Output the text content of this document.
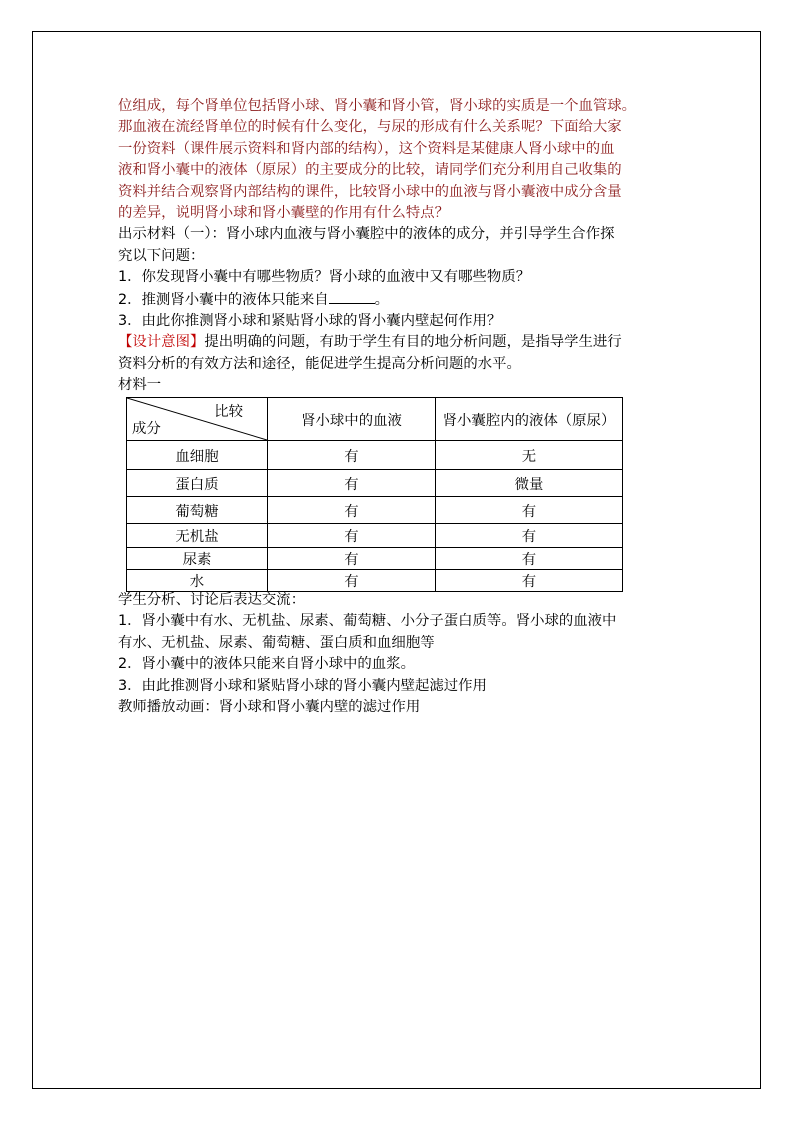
位组成，每个肾单位包括肾小球、肾小囊和肾小管，肾小球的实质是一个血管球。

那血液在流经肾单位的时候有什么变化，与尿的形成有什么关系呢？下面给大家

一份资料（课件展示资料和肾内部的结构），这个资料是某健康人肾小球中的血

液和肾小囊中的液体（原尿）的主要成分的比较，请同学们充分利用自己收集的

资料并结合观察肾内部结构的课件，比较肾小球中的血液与肾小囊液中成分含量

的差异，说明肾小球和肾小囊壁的作用有什么特点？

出示材料（一）：肾小球内血液与肾小囊腔中的液体的成分，并引导学生合作探

究以下问题：

1．你发现肾小囊中有哪些物质？肾小球的血液中又有哪些物质？

2．推测肾小囊中的液体只能来自	。

3．由此你推测肾小球和紧贴肾小球的肾小囊内壁起何作用？

【设计意图】提出明确的问题，有助于学生有目的地分析问题，是指导学生进行

资料分析的有效方法和途径，能促进学生提高分析问题的水平。

材料一

比较
成分	肾小球中的血液	肾小囊腔内的液体（原尿）
血细胞	有	无
蛋白质	有	微量
葡萄糖	有	有
无机盐	有	有
尿素	有	有
水	有	有

学生分析、讨论后表达交流：

1．肾小囊中有水、无机盐、尿素、葡萄糖、小分子蛋白质等。肾小球的血液中

有水、无机盐、尿素、葡萄糖、蛋白质和血细胞等

2．肾小囊中的液体只能来自肾小球中的血浆。

3．由此推测肾小球和紧贴肾小球的肾小囊内壁起滤过作用

教师播放动画：肾小球和肾小囊内壁的滤过作用
